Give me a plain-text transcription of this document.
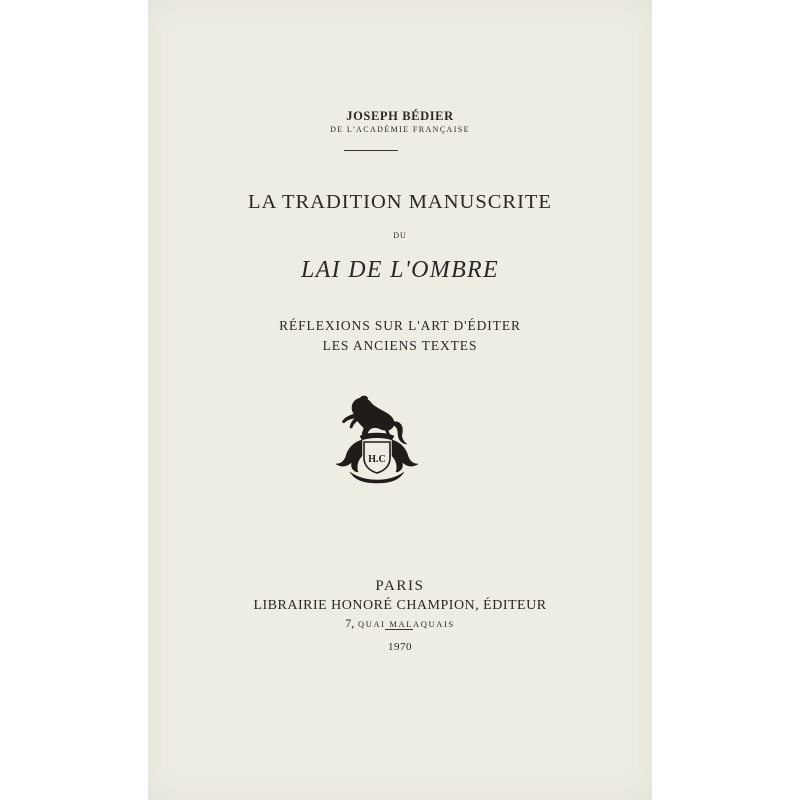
JOSEPH BÉDIER
DE L'ACADÉMIE FRANÇAISE
LA TRADITION MANUSCRITE
DU
LAI DE L'OMBRE
RÉFLEXIONS SUR L'ART D'ÉDITER
LES ANCIENS TEXTES
H.C
PARIS
LIBRAIRIE HONORÉ CHAMPION, ÉDITEUR
7, QUAI MALAQUAIS
1970
